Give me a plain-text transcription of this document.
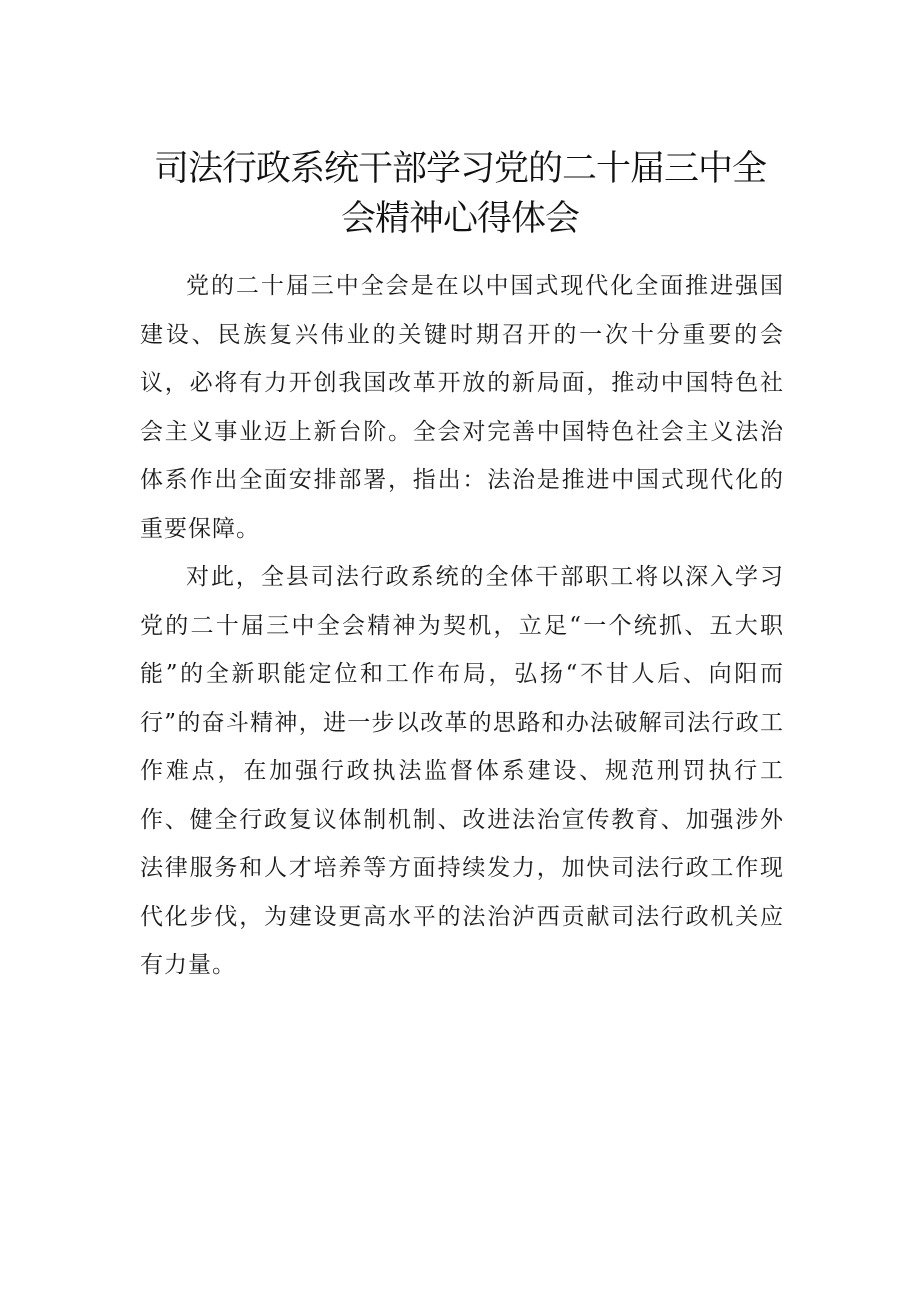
司法行政系统干部学习党的二十届三中全
会精神心得体会

党的二十届三中全会是在以中国式现代化全面推进强国建设、民族复兴伟业的关键时期召开的一次十分重要的会议，必将有力开创我国改革开放的新局面，推动中国特色社会主义事业迈上新台阶。全会对完善中国特色社会主义法治体系作出全面安排部署，指出：法治是推进中国式现代化的重要保障。

对此，全县司法行政系统的全体干部职工将以深入学习党的二十届三中全会精神为契机，立足“一个统抓、五大职能”的全新职能定位和工作布局，弘扬“不甘人后、向阳而行”的奋斗精神，进一步以改革的思路和办法破解司法行政工作难点，在加强行政执法监督体系建设、规范刑罚执行工作、健全行政复议体制机制、改进法治宣传教育、加强涉外法律服务和人才培养等方面持续发力，加快司法行政工作现代化步伐，为建设更高水平的法治泸西贡献司法行政机关应有力量。
